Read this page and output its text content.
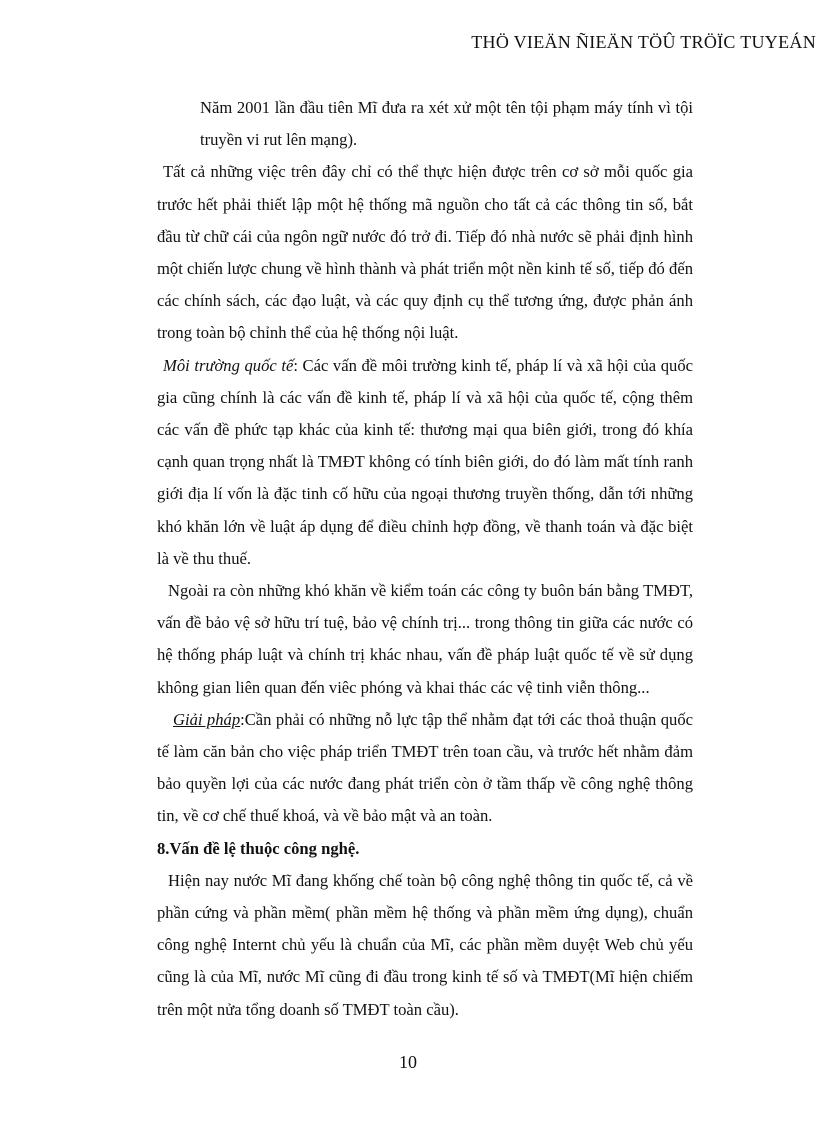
THÖ VIEÄN ÑIEÄN TÖÛ TRÖÏC TUYEÁN

Năm 2001 lần đầu tiên Mĩ đưa ra xét xử một tên tội phạm máy tính vì tội truyền vi rut lên mạng).

Tất cả những việc trên đây chỉ có thể thực hiện được trên cơ sở mỗi quốc gia trước hết phải thiết lập một hệ thống mã nguồn cho tất cả các thông tin số, bắt đầu từ chữ cái của ngôn ngữ nước đó trở đi. Tiếp đó nhà nước sẽ phải định hình một chiến lược chung về hình thành và phát triển một nền kinh tế số, tiếp đó đến các chính sách, các đạo luật, và các quy định cụ thể tương ứng, được phản ánh trong toàn bộ chỉnh thể của hệ thống nội luật.

Môi trường quốc tế: Các vấn đề môi trường kinh tế, pháp lí và xã hội của quốc      gia cũng chính là các vấn đề kinh tế, pháp lí và xã hội của quốc tế, cộng thêm các vấn đề phức tạp khác của kinh tế: thương mại qua biên giới, trong đó khía cạnh quan trọng nhất là TMĐT không có tính biên giới, do đó làm mất tính ranh giới địa lí vốn là đặc tinh cố hữu của ngoại thương truyền thống, dẫn tới những khó khăn lớn về luật áp dụng để điều chỉnh hợp đồng, về thanh toán và đặc biệt là về thu thuế.

Ngoài ra còn những khó khăn về kiểm toán các công ty buôn bán bằng TMĐT, vấn đề bảo vệ sở hữu trí tuệ, bảo vệ chính trị... trong thông tin giữa các nước có hệ thống pháp luật và chính trị khác nhau, vấn đề pháp luật quốc tế về sử dụng không gian liên quan đến viêc phóng và khai thác các vệ tinh viễn thông...

Giải pháp:Cần phải có những nỗ lực tập thể nhằm đạt tới các thoả thuận quốc tế làm căn bản cho việc pháp triển TMĐT trên toan cầu, và trước hết nhằm đảm bảo quyền lợi của các nước đang phát triển còn ở tầm thấp về công nghệ thông tin, về cơ chế thuế khoá, và về bảo mật và an toàn.

8.Vấn đề lệ thuộc công nghệ.

Hiện nay nước Mĩ đang khống chế toàn bộ công nghệ thông tin quốc tế, cả về phần cứng và phần mềm( phần mềm hệ thống và phần mềm ứng dụng), chuẩn công nghệ Internt chủ yếu là chuẩn của Mĩ, các phần mềm duyệt Web chủ yếu cũng là của Mĩ, nước Mĩ cũng đi đầu trong kinh tế số và TMĐT(Mĩ hiện chiếm trên một nửa tổng doanh số TMĐT toàn cầu).

10
